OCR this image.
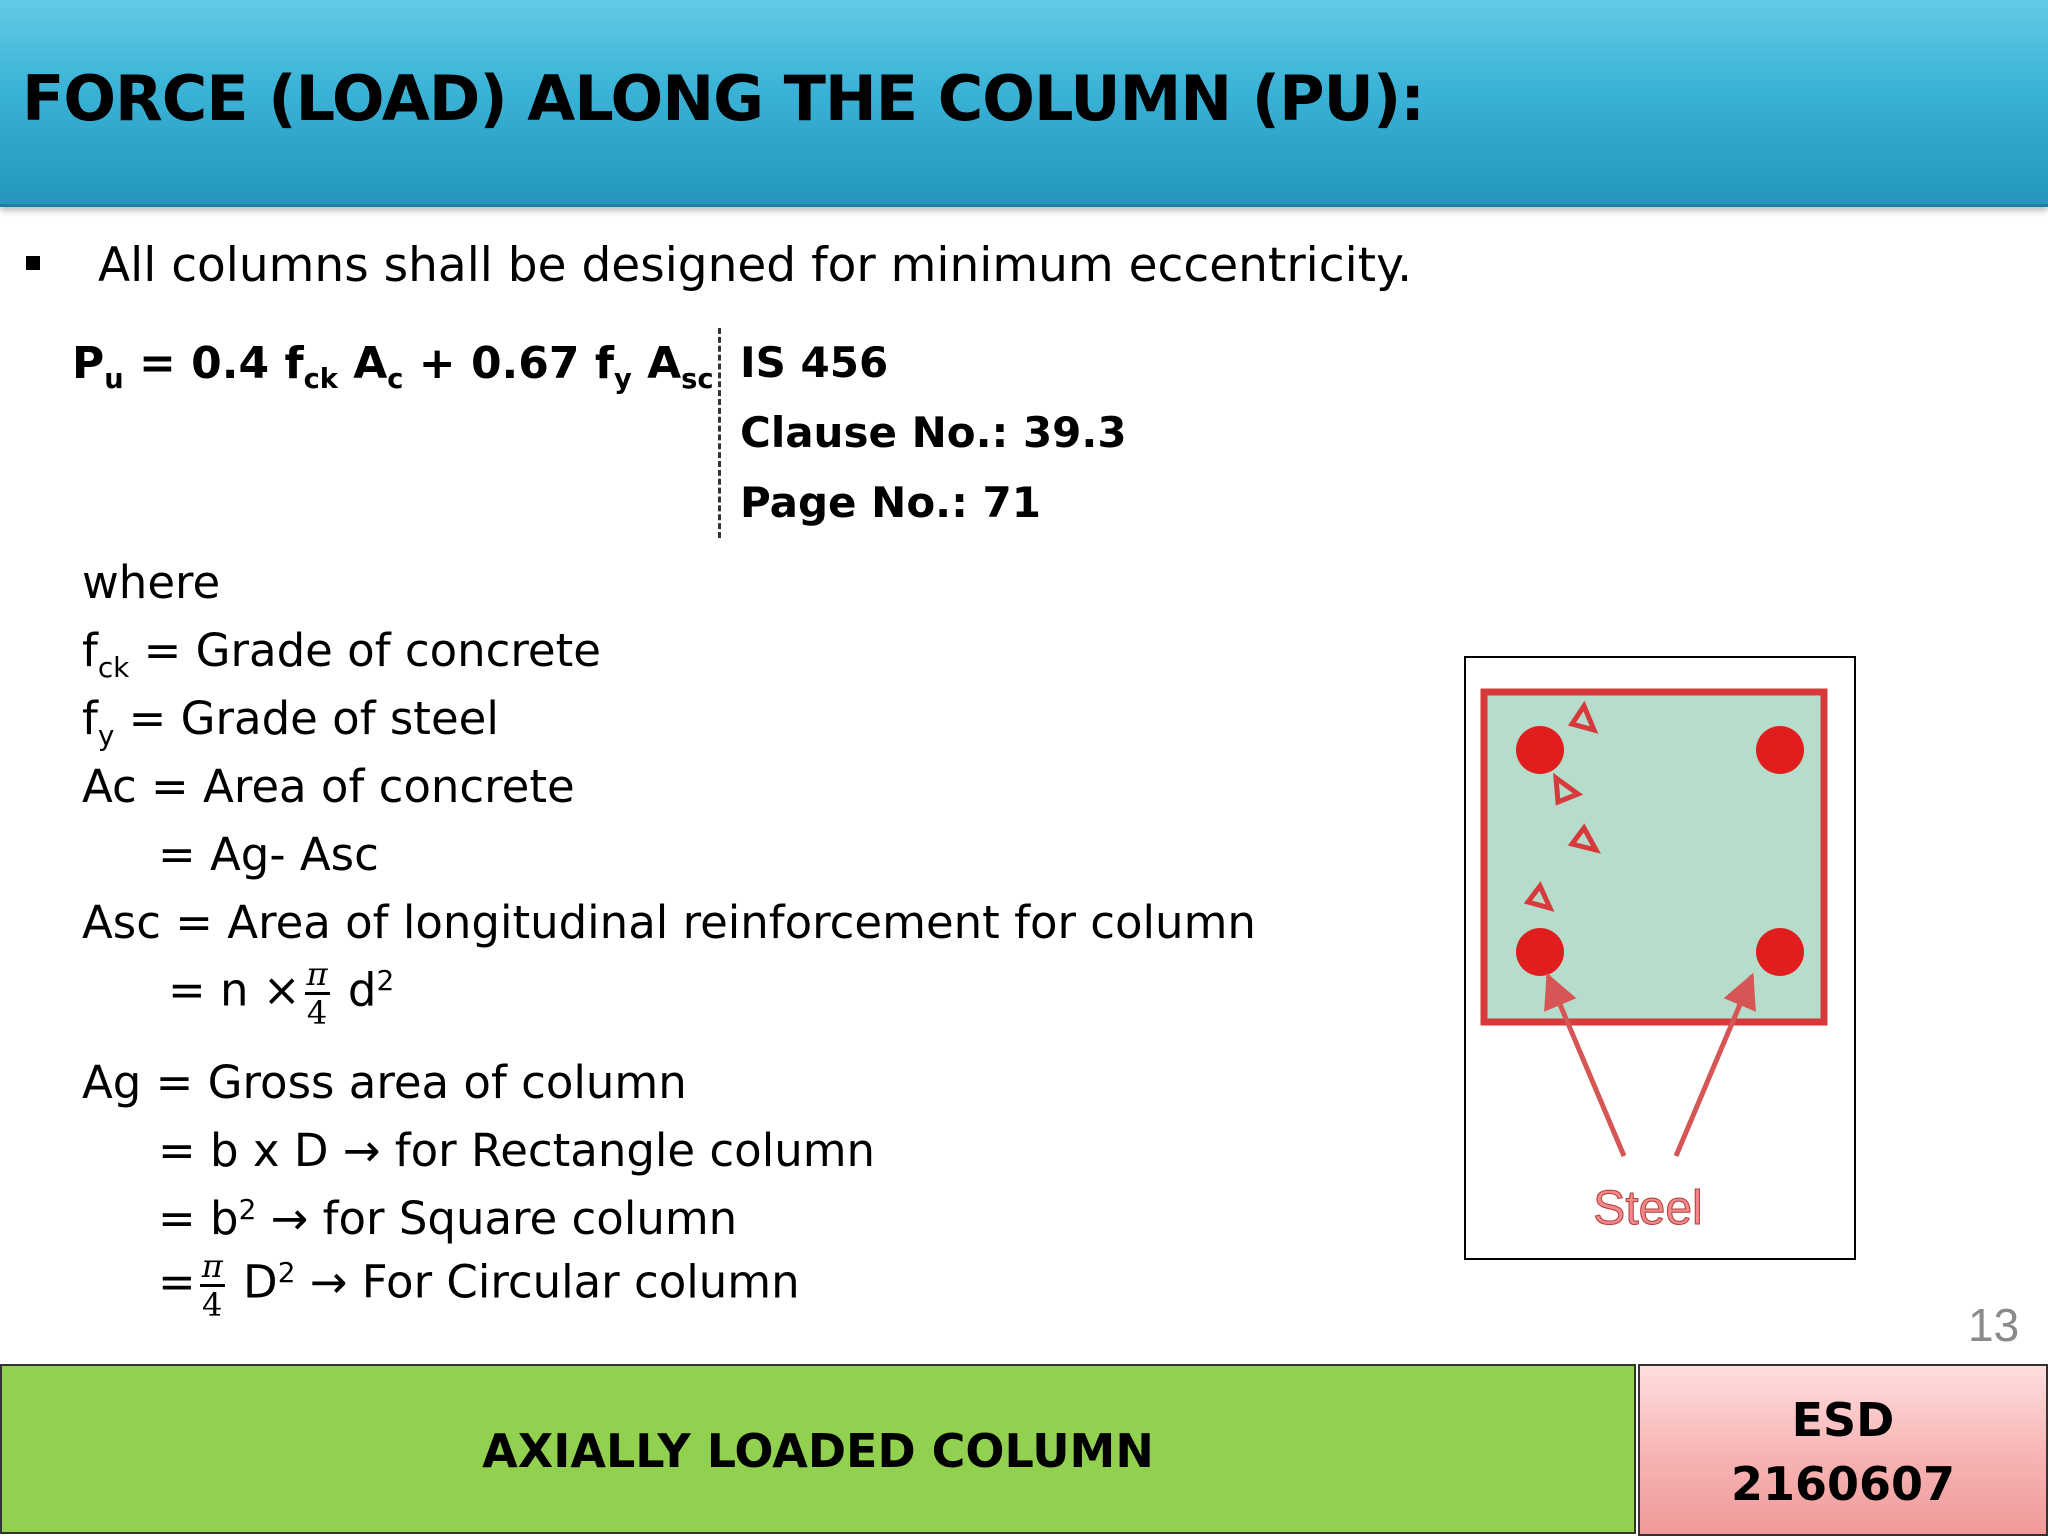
FORCE (LOAD) ALONG THE COLUMN (PU):
All columns shall be designed for minimum eccentricity.
$P_u = 0.4$ $f_{ck}$ $A_c + 0.67$ $f_y$ $A_{sc}$ IS 456
Clause No.: 39.3
Page No.: 71
where
$f_{ck}$ = Grade of concrete
$f_y$ = Grade of steel
Ac = Area of concrete
= Ag- Asc
Asc = Area of longitudinal reinforcement for column
= $n \times \frac{\pi}{4} d^2$
Ag = Gross area of column
= b x D → for Rectangle column
= $b^2$ → for Square column
= $\frac{\pi}{4} D^2$ → For Circular column
Steel
13
AXIALLY LOADED COLUMN
ESD
2160607
